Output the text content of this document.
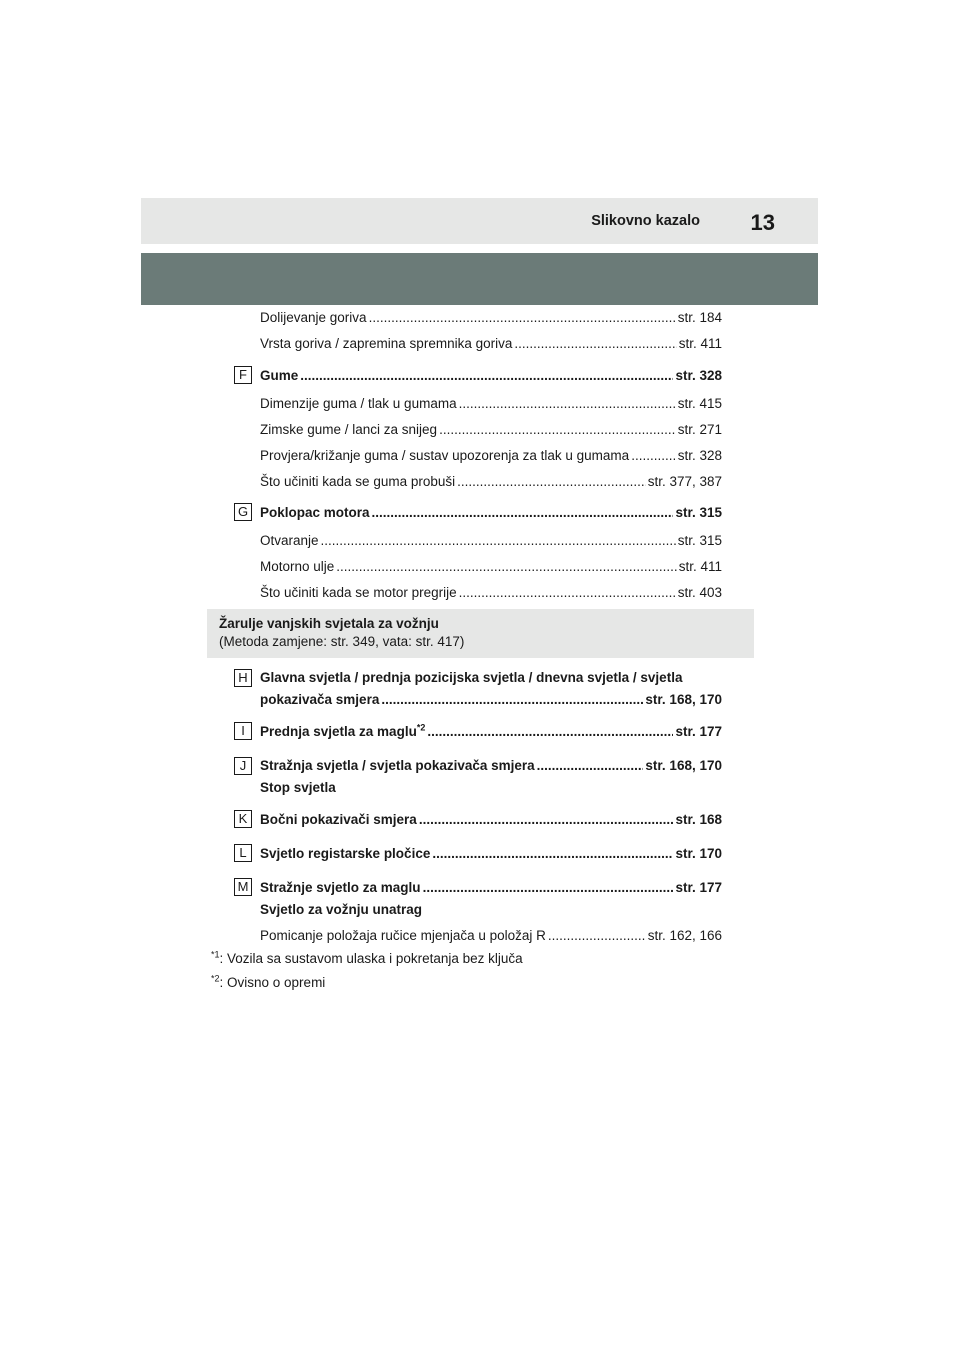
Slikovno kazalo 13
Dolijevanje goriva .....	str. 184
Vrsta goriva / zapremina spremnika goriva .....	str. 411
F Gume .....	str. 328
Dimenzije guma / tlak u gumama .....	str. 415
Zimske gume / lanci za snijeg .....	str. 271
Provjera/križanje guma / sustav upozorenja za tlak u gumama .....	str. 328
Što učiniti kada se guma probuši .....	str. 377, 387
G Poklopac motora .....	str. 315
Otvaranje .....	str. 315
Motorno ulje .....	str. 411
Što učiniti kada se motor pregrije .....	str. 403
Žarulje vanjskih svjetala za vožnju
(Metoda zamjene: str. 349, vata: str. 417)
H Glavna svjetla / prednja pozicijska svjetla / dnevna svjetla / svjetla
pokazivača smjera .....	str. 168, 170
I	Prednja svjetla za maglu$^{*2}$ .....	str. 177
J	Stražnja svjetla / svjetla pokazivača smjera .....	str. 168, 170
Stop svjetla
K Bočni pokazivači smjera .....	str. 168
L Svjetlo registarske pločice .....	str. 170
M Stražnje svjetlo za maglu .....	str. 177
Svjetlo za vožnju unatrag
Pomicanje položaja ručice mjenjača u položaj R .....	str. 162, 166
$^{*1}$: Vozila sa sustavom ulaska i pokretanja bez ključa
$^{*2}$: Ovisno o opremi
